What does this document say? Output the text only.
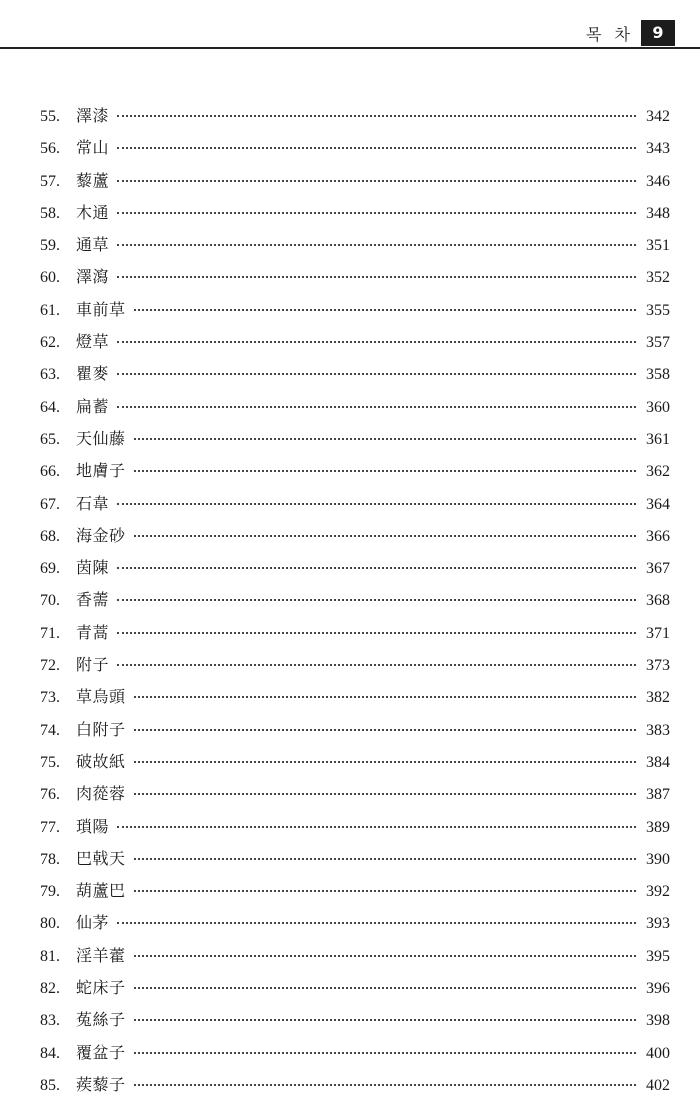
목 차	9
55.	澤漆	342
56.	常山	343
57.	藜蘆	346
58.	木通	348
59.	通草	351
60.	澤瀉	352
61.	車前草	355
62.	燈草	357
63.	瞿麥	358
64.	扁蓄	360
65.	天仙藤	361
66.	地膚子	362
67.	石韋	364
68.	海金砂	366
69.	茵陳	367
70.	香薷	368
71.	青蒿	371
72.	附子	373
73.	草烏頭	382
74.	白附子	383
75.	破故紙	384
76.	肉蓯蓉	387
77.	瑣陽	389
78.	巴戟天	390
79.	葫蘆巴	392
80.	仙茅	393
81.	淫羊藿	395
82.	蛇床子	396
83.	菟絲子	398
84.	覆盆子	400
85.	蒺藜子	402
